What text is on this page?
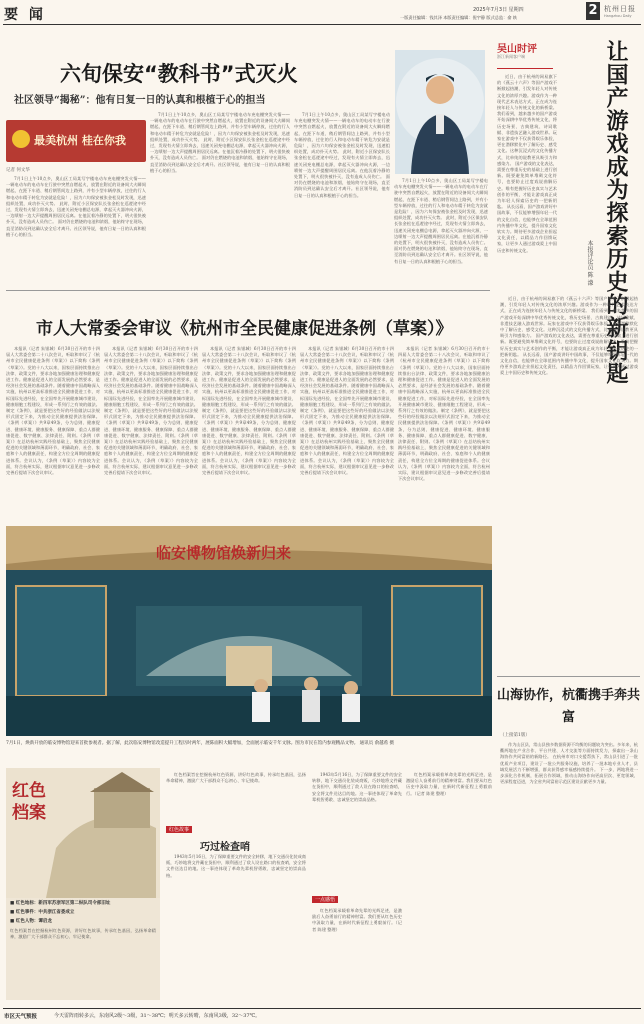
要 闻	2025年7月3日 星期四
一版责任编辑：钱其泽 本版责任编辑：倪宇静 版式总监：俞 轶	2 杭州日报
Hangzhou Daily
六旬保安“教科书”式灭火
社区领导“揭秘”：他有日复一日的认真和根植于心的担当
最美杭州 桂在你我
记者 何文华

7月1日上午10点多，奥山区工局某写字楼电动车充电棚突发火情——一辆电动车的电动车在行驶中突然自燃起火，放置在附近的设备间大火瞬间燃起，在距下车道、稍后钢管间边上路到，并有小型车辆停放，过往的行人和电动车精于转危为安就是危险！，因为六旬保安被张金松及时发现，迅速组织处置，成功扑灭火势。 此时，附近小区保安队长张金松在巡逻途中经过，发现有火情立即奔去，迅速关闭充电棚总电源，拿起灭火器冲向火源，一边喷射一边大声提醒周围居民远离。在他沉着冷静的处置下，明火很快被扑灭，没有造成人员伤亡。 面对仍在燃烧的电池和浓烟，他始终守在现场，直至消防员到达确认安全后才离开。社区领导说，他有日复一日的认真和根植于心的担当。

7月1日上午10点多，奥山区工局某写字楼电动车充电棚突发火情——一辆电动车的电动车在行驶中突然自燃起火，放置在附近的设备间大火瞬间燃起，在距下车道、稍后钢管间边上路到，并有小型车辆停放，过往的行人和电动车精于转危为安就是危险！，因为六旬保安被张金松及时发现，迅速组织处置，成功扑灭火势。 此时，附近小区保安队长张金松在巡逻途中经过，发现有火情立即奔去，迅速关闭充电棚总电源，拿起灭火器冲向火源，一边喷射一边大声提醒周围居民远离。在他沉着冷静的处置下，明火很快被扑灭，没有造成人员伤亡。 面对仍在燃烧的电池和浓烟，他始终守在现场，直至消防员到达确认安全后才离开。社区领导说，他有日复一日的认真和根植于心的担当。

7月1日上午10点多，奥山区工局某写字楼电动车充电棚突发火情——一辆电动车的电动车在行驶中突然自燃起火，放置在附近的设备间大火瞬间燃起，在距下车道、稍后钢管间边上路到，并有小型车辆停放，过往的行人和电动车精于转危为安就是危险！，因为六旬保安被张金松及时发现，迅速组织处置，成功扑灭火势。 此时，附近小区保安队长张金松在巡逻途中经过，发现有火情立即奔去，迅速关闭充电棚总电源，拿起灭火器冲向火源，一边喷射一边大声提醒周围居民远离。在他沉着冷静的处置下，明火很快被扑灭，没有造成人员伤亡。 面对仍在燃烧的电池和浓烟，他始终守在现场，直至消防员到达确认安全后才离开。社区领导说，他有日复一日的认真和根植于心的担当。

7月1日上午10点多，奥山区工局某写字楼电动车充电棚突发火情——一辆电动车的电动车在行驶中突然自燃起火，放置在附近的设备间大火瞬间燃起，在距下车道、稍后钢管间边上路到，并有小型车辆停放，过往的行人和电动车精于转危为安就是危险！，因为六旬保安被张金松及时发现，迅速组织处置，成功扑灭火势。 此时，附近小区保安队长张金松在巡逻途中经过，发现有火情立即奔去，迅速关闭充电棚总电源，拿起灭火器冲向火源，一边喷射一边大声提醒周围居民远离。在他沉着冷静的处置下，明火很快被扑灭，没有造成人员伤亡。 面对仍在燃烧的电池和浓烟，他始终守在现场，直至消防员到达确认安全后才离开。社区领导说，他有日复一日的认真和根植于心的担当。

市人大常委会审议《杭州市全民健康促进条例（草案）》

本报讯（记者 朱银城）6月30日召开的市十四届人大常委会第二十八次会议，听取和审议了《杭州市全民健康促进条例（草案）》以下简称《条例（草案）》。党的十八大以来，国家层面持续推出台法律、政策文件，要求各地加强健康治理和健康促进工作。健康是促进人的全面发展的必然要求，是经济社会发展的基础条件。随着健康中国战略深入实施，杭州以更高标准推进全民健康促进工作，对标国际先进经验，在全国率先开展健康城市建设、健康细胞工程建设，形成一系列行之有效的做法。制定《条例》，就是要把这些好的经验做法以法规形式固定下来，为推动全民健康提供法治保障。《条例（草案）》共9章49条，分为总则、健康促进、健康环境、健康服务、健康保障、重点人群健康促进、数字健康、法律责任、附则。《条例（草案）》在总结杭州实践经验基础上，聚焦全民健康促进的关键领域和薄弱环节，明确政府、社会、家庭和个人的健康责任，构建全方位全周期的健康促进体系。会议认为，《条例（草案）》内容较为全面，符合杭州实际，建议根据审议意见进一步修改完善后提请下次会议审议。

本报讯（记者 朱银城）6月30日召开的市十四届人大常委会第二十八次会议，听取和审议了《杭州市全民健康促进条例（草案）》以下简称《条例（草案）》。党的十八大以来，国家层面持续推出台法律、政策文件，要求各地加强健康治理和健康促进工作。健康是促进人的全面发展的必然要求，是经济社会发展的基础条件。随着健康中国战略深入实施，杭州以更高标准推进全民健康促进工作，对标国际先进经验，在全国率先开展健康城市建设、健康细胞工程建设，形成一系列行之有效的做法。制定《条例》，就是要把这些好的经验做法以法规形式固定下来，为推动全民健康提供法治保障。《条例（草案）》共9章49条，分为总则、健康促进、健康环境、健康服务、健康保障、重点人群健康促进、数字健康、法律责任、附则。《条例（草案）》在总结杭州实践经验基础上，聚焦全民健康促进的关键领域和薄弱环节，明确政府、社会、家庭和个人的健康责任，构建全方位全周期的健康促进体系。会议认为，《条例（草案）》内容较为全面，符合杭州实际，建议根据审议意见进一步修改完善后提请下次会议审议。

本报讯（记者 朱银城）6月30日召开的市十四届人大常委会第二十八次会议，听取和审议了《杭州市全民健康促进条例（草案）》以下简称《条例（草案）》。党的十八大以来，国家层面持续推出台法律、政策文件，要求各地加强健康治理和健康促进工作。健康是促进人的全面发展的必然要求，是经济社会发展的基础条件。随着健康中国战略深入实施，杭州以更高标准推进全民健康促进工作，对标国际先进经验，在全国率先开展健康城市建设、健康细胞工程建设，形成一系列行之有效的做法。制定《条例》，就是要把这些好的经验做法以法规形式固定下来，为推动全民健康提供法治保障。《条例（草案）》共9章49条，分为总则、健康促进、健康环境、健康服务、健康保障、重点人群健康促进、数字健康、法律责任、附则。《条例（草案）》在总结杭州实践经验基础上，聚焦全民健康促进的关键领域和薄弱环节，明确政府、社会、家庭和个人的健康责任，构建全方位全周期的健康促进体系。会议认为，《条例（草案）》内容较为全面，符合杭州实际，建议根据审议意见进一步修改完善后提请下次会议审议。

本报讯（记者 朱银城）6月30日召开的市十四届人大常委会第二十八次会议，听取和审议了《杭州市全民健康促进条例（草案）》以下简称《条例（草案）》。党的十八大以来，国家层面持续推出台法律、政策文件，要求各地加强健康治理和健康促进工作。健康是促进人的全面发展的必然要求，是经济社会发展的基础条件。随着健康中国战略深入实施，杭州以更高标准推进全民健康促进工作，对标国际先进经验，在全国率先开展健康城市建设、健康细胞工程建设，形成一系列行之有效的做法。制定《条例》，就是要把这些好的经验做法以法规形式固定下来，为推动全民健康提供法治保障。《条例（草案）》共9章49条，分为总则、健康促进、健康环境、健康服务、健康保障、重点人群健康促进、数字健康、法律责任、附则。《条例（草案）》在总结杭州实践经验基础上，聚焦全民健康促进的关键领域和薄弱环节，明确政府、社会、家庭和个人的健康责任，构建全方位全周期的健康促进体系。会议认为，《条例（草案）》内容较为全面，符合杭州实际，建议根据审议意见进一步修改完善后提请下次会议审议。

本报讯（记者 朱银城）6月30日召开的市十四届人大常委会第二十八次会议，听取和审议了《杭州市全民健康促进条例（草案）》以下简称《条例（草案）》。党的十八大以来，国家层面持续推出台法律、政策文件，要求各地加强健康治理和健康促进工作。健康是促进人的全面发展的必然要求，是经济社会发展的基础条件。随着健康中国战略深入实施，杭州以更高标准推进全民健康促进工作，对标国际先进经验，在全国率先开展健康城市建设、健康细胞工程建设，形成一系列行之有效的做法。制定《条例》，就是要把这些好的经验做法以法规形式固定下来，为推动全民健康提供法治保障。《条例（草案）》共9章49条，分为总则、健康促进、健康环境、健康服务、健康保障、重点人群健康促进、数字健康、法律责任、附则。《条例（草案）》在总结杭州实践经验基础上，聚焦全民健康促进的关键领域和薄弱环节，明确政府、社会、家庭和个人的健康责任，构建全方位全周期的健康促进体系。会议认为，《条例（草案）》内容较为全面，符合杭州实际，建议根据审议意见进一步修改完善后提请下次会议审议。

临安博物馆焕新归来
7月1日，焕新开放的临安博物馆迎来首批参观者。据了解，此次临安博物馆改造提升工程历时两年，展陈面积大幅增加，全面展示临安千年文脉。图为市民在馆内参观精品文物。 通讯员 俞越希 摄
吴山时评
浙江新闻客户端

近日，由于杭州的网易旗下的《燕云十六声》等国产游戏不断掀起热潮，引发年轻人对传统文化的浓厚兴趣。游戏作为一种现代艺术表达方式，正在成为连接年轻人与传统文化的新桥梁。 我们看到，越来越多的国产游戏开始深耕中华优秀传统文化，将历史场景、古典建筑、诗词歌赋、非遗技艺融入游戏世界。玩家在游戏中不仅获得娱乐体验，更在潜移默化中了解历史、感受文化。这种沉浸式的文化传播方式，比单纯的说教更具吸引力和感染力。 国产游戏的文化表达，需要在尊重历史的基础上进行创新。既要避免简单堆砌文化符号，也要防止过度戏说曲解历史。唯有把握好历史真实与艺术创作的平衡，才能让游戏真正成为年轻人探索历史的一把新钥匙。 从长远看，国产游戏讲好中国故事，不仅能够增强年轻一代的文化自信，也能够在全球范围内传播中华文化，提升国家文化软实力。期待更多游戏企业担起文化责任，以精品力作回馈玩家，让更多人通过游戏爱上中国历史和传统文化。	让国产游戏成为探索历史的新钥匙
本报评论员 陈 濛

近日，由于杭州的网易旗下的《燕云十六声》等国产游戏不断掀起热潮，引发年轻人对传统文化的浓厚兴趣。游戏作为一种现代艺术表达方式，正在成为连接年轻人与传统文化的新桥梁。 我们看到，越来越多的国产游戏开始深耕中华优秀传统文化，将历史场景、古典建筑、诗词歌赋、非遗技艺融入游戏世界。玩家在游戏中不仅获得娱乐体验，更在潜移默化中了解历史、感受文化。这种沉浸式的文化传播方式，比单纯的说教更具吸引力和感染力。 国产游戏的文化表达，需要在尊重历史的基础上进行创新。既要避免简单堆砌文化符号，也要防止过度戏说曲解历史。唯有把握好历史真实与艺术创作的平衡，才能让游戏真正成为年轻人探索历史的一把新钥匙。 从长远看，国产游戏讲好中国故事，不仅能够增强年轻一代的文化自信，也能够在全球范围内传播中华文化，提升国家文化软实力。期待更多游戏企业担起文化责任，以精品力作回馈玩家，让更多人通过游戏爱上中国历史和传统文化。

山海协作，杭衢携手奔共富
（上接第1版）

作为山区县，常山县独多数据资源不均衡的问题较为突出。多年来，杭衢两地在产业合作、平台共建、人才交流等方面持续发力，探索出一条山海协作共同富裕的新路径。 在杭州市对口支援帮扶下，常山县引进了一批优质产业项目，建设了一批公共服务设施，培养了一批本地专业人才，县域发展活力不断增强，群众获得感幸福感持续提升。 下一步，两地将进一步深化合作机制，拓展合作领域，推动山海协作向更高层次、更宽领域、更深程度迈进，为全省共同富裕示范区建设贡献更多力量。

红色档案
■ 红色地标：新四军苏浙军区第二纵队司令部旧址
■ 红色事件：中共浙江省委成立
■ 红色人物：谭启龙
红色档案旨在挖掘杭州红色资源，讲好红色故事，传承红色基因，弘扬革命精神，激励广大干部群众不忘初心、牢记使命。

红色档案旨在挖掘杭州红色资源，讲好红色故事，传承红色基因，弘扬革命精神，激励广大干部群众不忘初心、牢记使命。

红色故事
巧过检查哨

1943年5月16日，为了保障重要文件的安全转移，地下交通员化装成商贩，巧妙地将文件藏在货担中，顺利通过了敌人设在路口的检查哨，安全将文件送达目的地。这一事迹体现了革命先辈机智勇敢、忠诚坚定的崇高品格。

1943年5月16日，为了保障重要文件的安全转移，地下交通员化装成商贩，巧妙地将文件藏在货担中，顺利通过了敌人设在路口的检查哨，安全将文件送达目的地。这一事迹体现了革命先辈机智勇敢、忠诚坚定的崇高品格。

一点感悟

红色档案承载着革命先辈的光辉足迹，是激励后人奋勇前行的精神财富。我们要从红色历史中汲取力量，在新时代新征程上勇毅前行。（记者 陈建 整理）

红色档案承载着革命先辈的光辉足迹，是激励后人奋勇前行的精神财富。我们要从红色历史中汲取力量，在新时代新征程上勇毅前行。（记者 陈建 整理）

市区天气预报	今天雷阵雨转多云，东南风2级～3级，31～38℃；明天多云转晴，东南风3级，32～37℃。
